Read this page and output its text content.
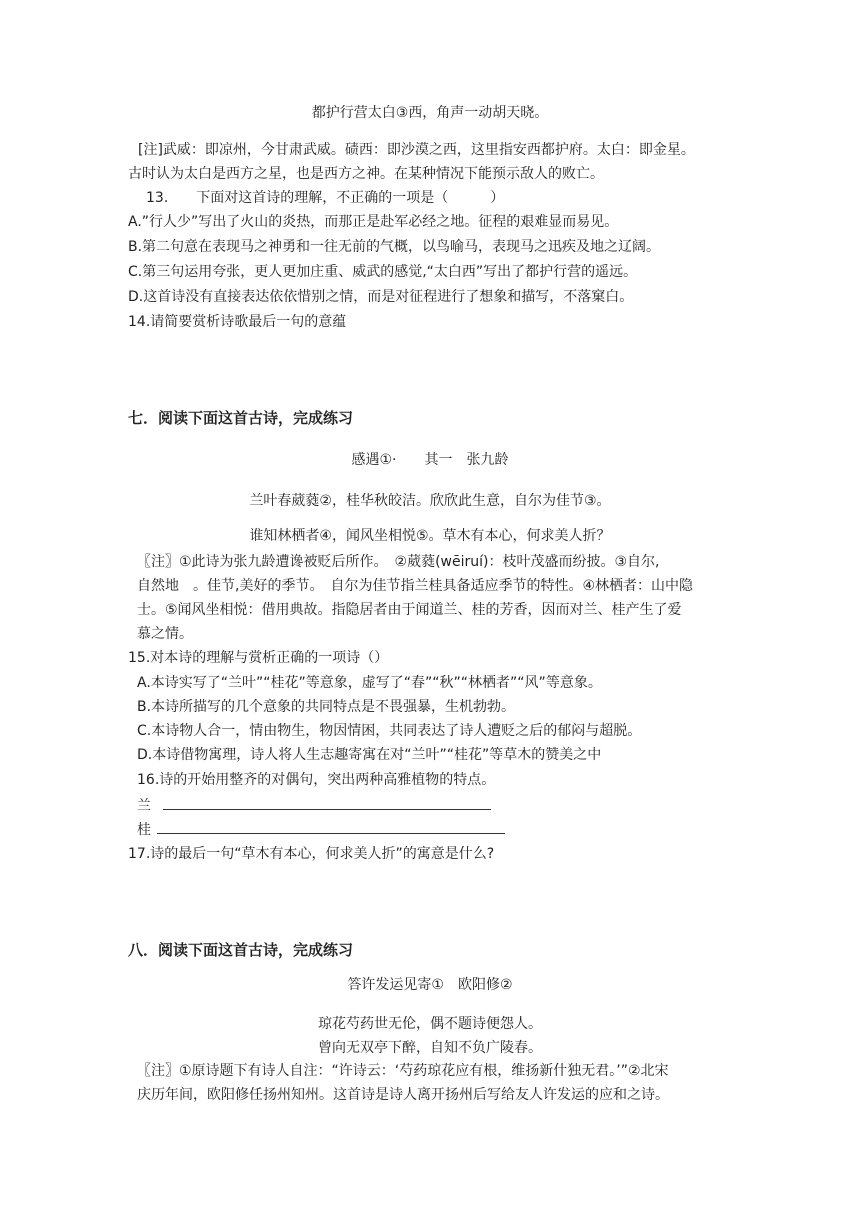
都护行营太白③西，角声一动胡天晓。
[注]武威：即凉州，今甘肃武威。碛西：即沙漠之西，这里指安西都护府。太白：即金星。
古时认为太白是西方之星，也是西方之神。在某种情况下能预示敌人的败亡。
13.　　下面对这首诗的理解，不正确的一项是（　　　）
A.”行人少”写出了火山的炎热，而那正是赴军必经之地。征程的艰难显而易见。
B.第二句意在表现马之神勇和一往无前的气概，以鸟喻马，表现马之迅疾及地之辽阔。
C.第三句运用夸张，更人更加庄重、威武的感觉,“太白西”写出了都护行营的遥远。
D.这首诗没有直接表达依依惜别之情，而是对征程进行了想象和描写，不落窠白。
14.请简要赏析诗歌最后一句的意蕴
七．阅读下面这首古诗，完成练习
感遇①·　　其一　张九龄
兰叶春葳蕤②，桂华秋皎洁。欣欣此生意，自尔为佳节③。
谁知林栖者④，闻风坐相悦⑤。草木有本心，何求美人折？
〖注〗①此诗为张九龄遭谗被贬后所作。　②葳蕤(wēiruí)：枝叶茂盛而纷披。③自尔,
自然地　。佳节,美好的季节。　自尔为佳节指兰桂具备适应季节的特性。④林栖者：山中隐
士。⑤闻风坐相悦：借用典故。指隐居者由于闻道兰、桂的芳香，因而对兰、桂产生了爱
慕之情。
15.对本诗的理解与赏析正确的一项诗（）
A.本诗实写了“兰叶”“桂花”等意象，虚写了“春”“秋”“林栖者”“风”等意象。
B.本诗所描写的几个意象的共同特点是不畏强暴，生机勃勃。
C.本诗物人合一，情由物生，物因情困，共同表达了诗人遭贬之后的郁闷与超脱。
D.本诗借物寓理，诗人将人生志趣寄寓在对“兰叶”“桂花”等草木的赞美之中
16.诗的开始用整齐的对偶句，突出两种高雅植物的特点。
兰
桂
17.诗的最后一句“草木有本心，何求美人折”的寓意是什么?
八．阅读下面这首古诗，完成练习
答许发运见寄①　欧阳修②
琼花芍药世无伦，偶不题诗便怨人。
曾向无双亭下醉，自知不负广陵春。
〖注〗①原诗题下有诗人自注：“许诗云：‘芍药琼花应有根，维扬新什独无君。’”②北宋
庆历年间，欧阳修任扬州知州。这首诗是诗人离开扬州后写给友人许发运的应和之诗。
